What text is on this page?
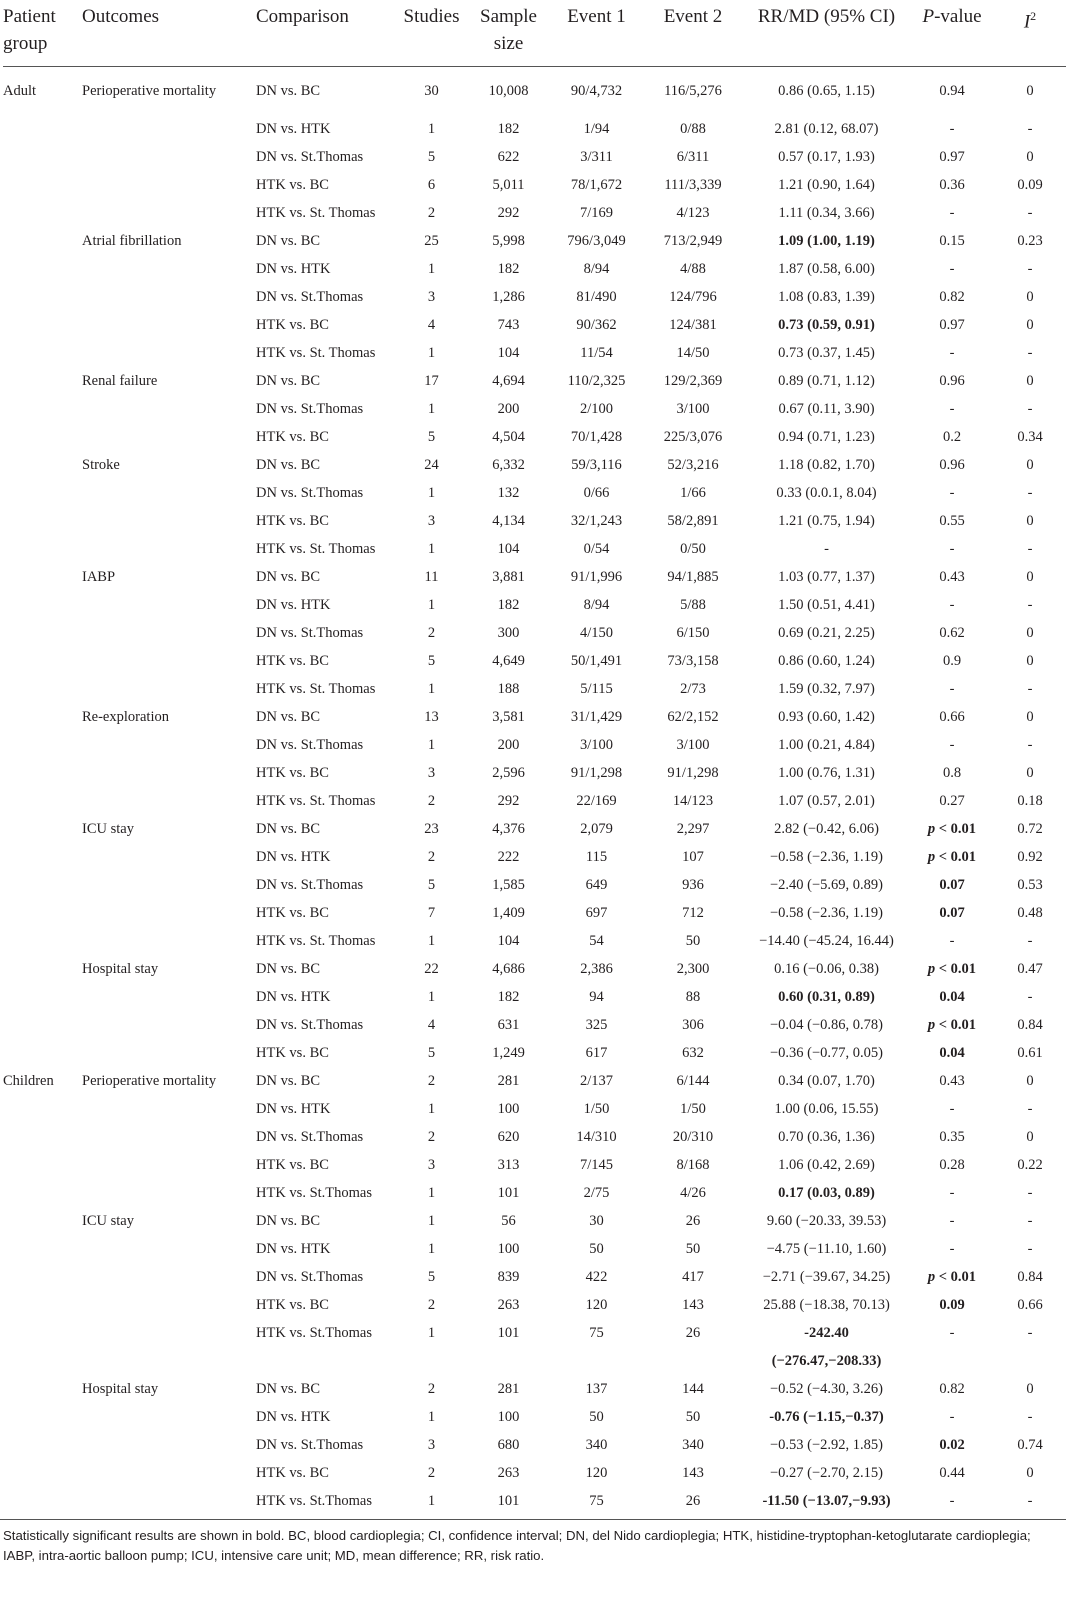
Patient
group	Outcomes	Comparison	Studies	Sample
size	Event 1	Event 2	RR/MD (95% CI)	P-value	$I^2$
Adult	Perioperative mortality	DN vs. BC	30	10,008	90/4,732	116/5,276	0.86 (0.65, 1.15)	0.94	0
		DN vs. HTK	1	182	1/94	0/88	2.81 (0.12, 68.07)	-	-
		DN vs. St.Thomas	5	622	3/311	6/311	0.57 (0.17, 1.93)	0.97	0
		HTK vs. BC	6	5,011	78/1,672	111/3,339	1.21 (0.90, 1.64)	0.36	0.09
		HTK vs. St. Thomas	2	292	7/169	4/123	1.11 (0.34, 3.66)	-	-
	Atrial fibrillation	DN vs. BC	25	5,998	796/3,049	713/2,949	1.09 (1.00, 1.19)	0.15	0.23
		DN vs. HTK	1	182	8/94	4/88	1.87 (0.58, 6.00)	-	-
		DN vs. St.Thomas	3	1,286	81/490	124/796	1.08 (0.83, 1.39)	0.82	0
		HTK vs. BC	4	743	90/362	124/381	0.73 (0.59, 0.91)	0.97	0
		HTK vs. St. Thomas	1	104	11/54	14/50	0.73 (0.37, 1.45)	-	-
	Renal failure	DN vs. BC	17	4,694	110/2,325	129/2,369	0.89 (0.71, 1.12)	0.96	0
		DN vs. St.Thomas	1	200	2/100	3/100	0.67 (0.11, 3.90)	-	-
		HTK vs. BC	5	4,504	70/1,428	225/3,076	0.94 (0.71, 1.23)	0.2	0.34
	Stroke	DN vs. BC	24	6,332	59/3,116	52/3,216	1.18 (0.82, 1.70)	0.96	0
		DN vs. St.Thomas	1	132	0/66	1/66	0.33 (0.0.1, 8.04)	-	-
		HTK vs. BC	3	4,134	32/1,243	58/2,891	1.21 (0.75, 1.94)	0.55	0
		HTK vs. St. Thomas	1	104	0/54	0/50	-	-	-
	IABP	DN vs. BC	11	3,881	91/1,996	94/1,885	1.03 (0.77, 1.37)	0.43	0
		DN vs. HTK	1	182	8/94	5/88	1.50 (0.51, 4.41)	-	-
		DN vs. St.Thomas	2	300	4/150	6/150	0.69 (0.21, 2.25)	0.62	0
		HTK vs. BC	5	4,649	50/1,491	73/3,158	0.86 (0.60, 1.24)	0.9	0
		HTK vs. St. Thomas	1	188	5/115	2/73	1.59 (0.32, 7.97)	-	-
	Re-exploration	DN vs. BC	13	3,581	31/1,429	62/2,152	0.93 (0.60, 1.42)	0.66	0
		DN vs. St.Thomas	1	200	3/100	3/100	1.00 (0.21, 4.84)	-	-
		HTK vs. BC	3	2,596	91/1,298	91/1,298	1.00 (0.76, 1.31)	0.8	0
		HTK vs. St. Thomas	2	292	22/169	14/123	1.07 (0.57, 2.01)	0.27	0.18
	ICU stay	DN vs. BC	23	4,376	2,079	2,297	2.82 (−0.42, 6.06)	p < 0.01	0.72
		DN vs. HTK	2	222	115	107	−0.58 (−2.36, 1.19)	p < 0.01	0.92
		DN vs. St.Thomas	5	1,585	649	936	−2.40 (−5.69, 0.89)	0.07	0.53
		HTK vs. BC	7	1,409	697	712	−0.58 (−2.36, 1.19)	0.07	0.48
		HTK vs. St. Thomas	1	104	54	50	−14.40 (−45.24, 16.44)	-	-
	Hospital stay	DN vs. BC	22	4,686	2,386	2,300	0.16 (−0.06, 0.38)	p < 0.01	0.47
		DN vs. HTK	1	182	94	88	0.60 (0.31, 0.89)	0.04	-
		DN vs. St.Thomas	4	631	325	306	−0.04 (−0.86, 0.78)	p < 0.01	0.84
		HTK vs. BC	5	1,249	617	632	−0.36 (−0.77, 0.05)	0.04	0.61
Children	Perioperative mortality	DN vs. BC	2	281	2/137	6/144	0.34 (0.07, 1.70)	0.43	0
		DN vs. HTK	1	100	1/50	1/50	1.00 (0.06, 15.55)	-	-
		DN vs. St.Thomas	2	620	14/310	20/310	0.70 (0.36, 1.36)	0.35	0
		HTK vs. BC	3	313	7/145	8/168	1.06 (0.42, 2.69)	0.28	0.22
		HTK vs. St.Thomas	1	101	2/75	4/26	0.17 (0.03, 0.89)	-	-
	ICU stay	DN vs. BC	1	56	30	26	9.60 (−20.33, 39.53)	-	-
		DN vs. HTK	1	100	50	50	−4.75 (−11.10, 1.60)	-	-
		DN vs. St.Thomas	5	839	422	417	−2.71 (−39.67, 34.25)	p < 0.01	0.84
		HTK vs. BC	2	263	120	143	25.88 (−18.38, 70.13)	0.09	0.66
		HTK vs. St.Thomas	1	101	75	26	-242.40	-	-
							(−276.47,−208.33)		
	Hospital stay	DN vs. BC	2	281	137	144	−0.52 (−4.30, 3.26)	0.82	0
		DN vs. HTK	1	100	50	50	-0.76 (−1.15,−0.37)	-	-
		DN vs. St.Thomas	3	680	340	340	−0.53 (−2.92, 1.85)	0.02	0.74
		HTK vs. BC	2	263	120	143	−0.27 (−2.70, 2.15)	0.44	0
		HTK vs. St.Thomas	1	101	75	26	-11.50 (−13.07,−9.93)	-	-
Statistically significant results are shown in bold. BC, blood cardioplegia; CI, confidence interval; DN, del Nido cardioplegia; HTK, histidine-tryptophan-ketoglutarate cardioplegia; IABP, intra-aortic balloon pump; ICU, intensive care unit; MD, mean difference; RR, risk ratio.
